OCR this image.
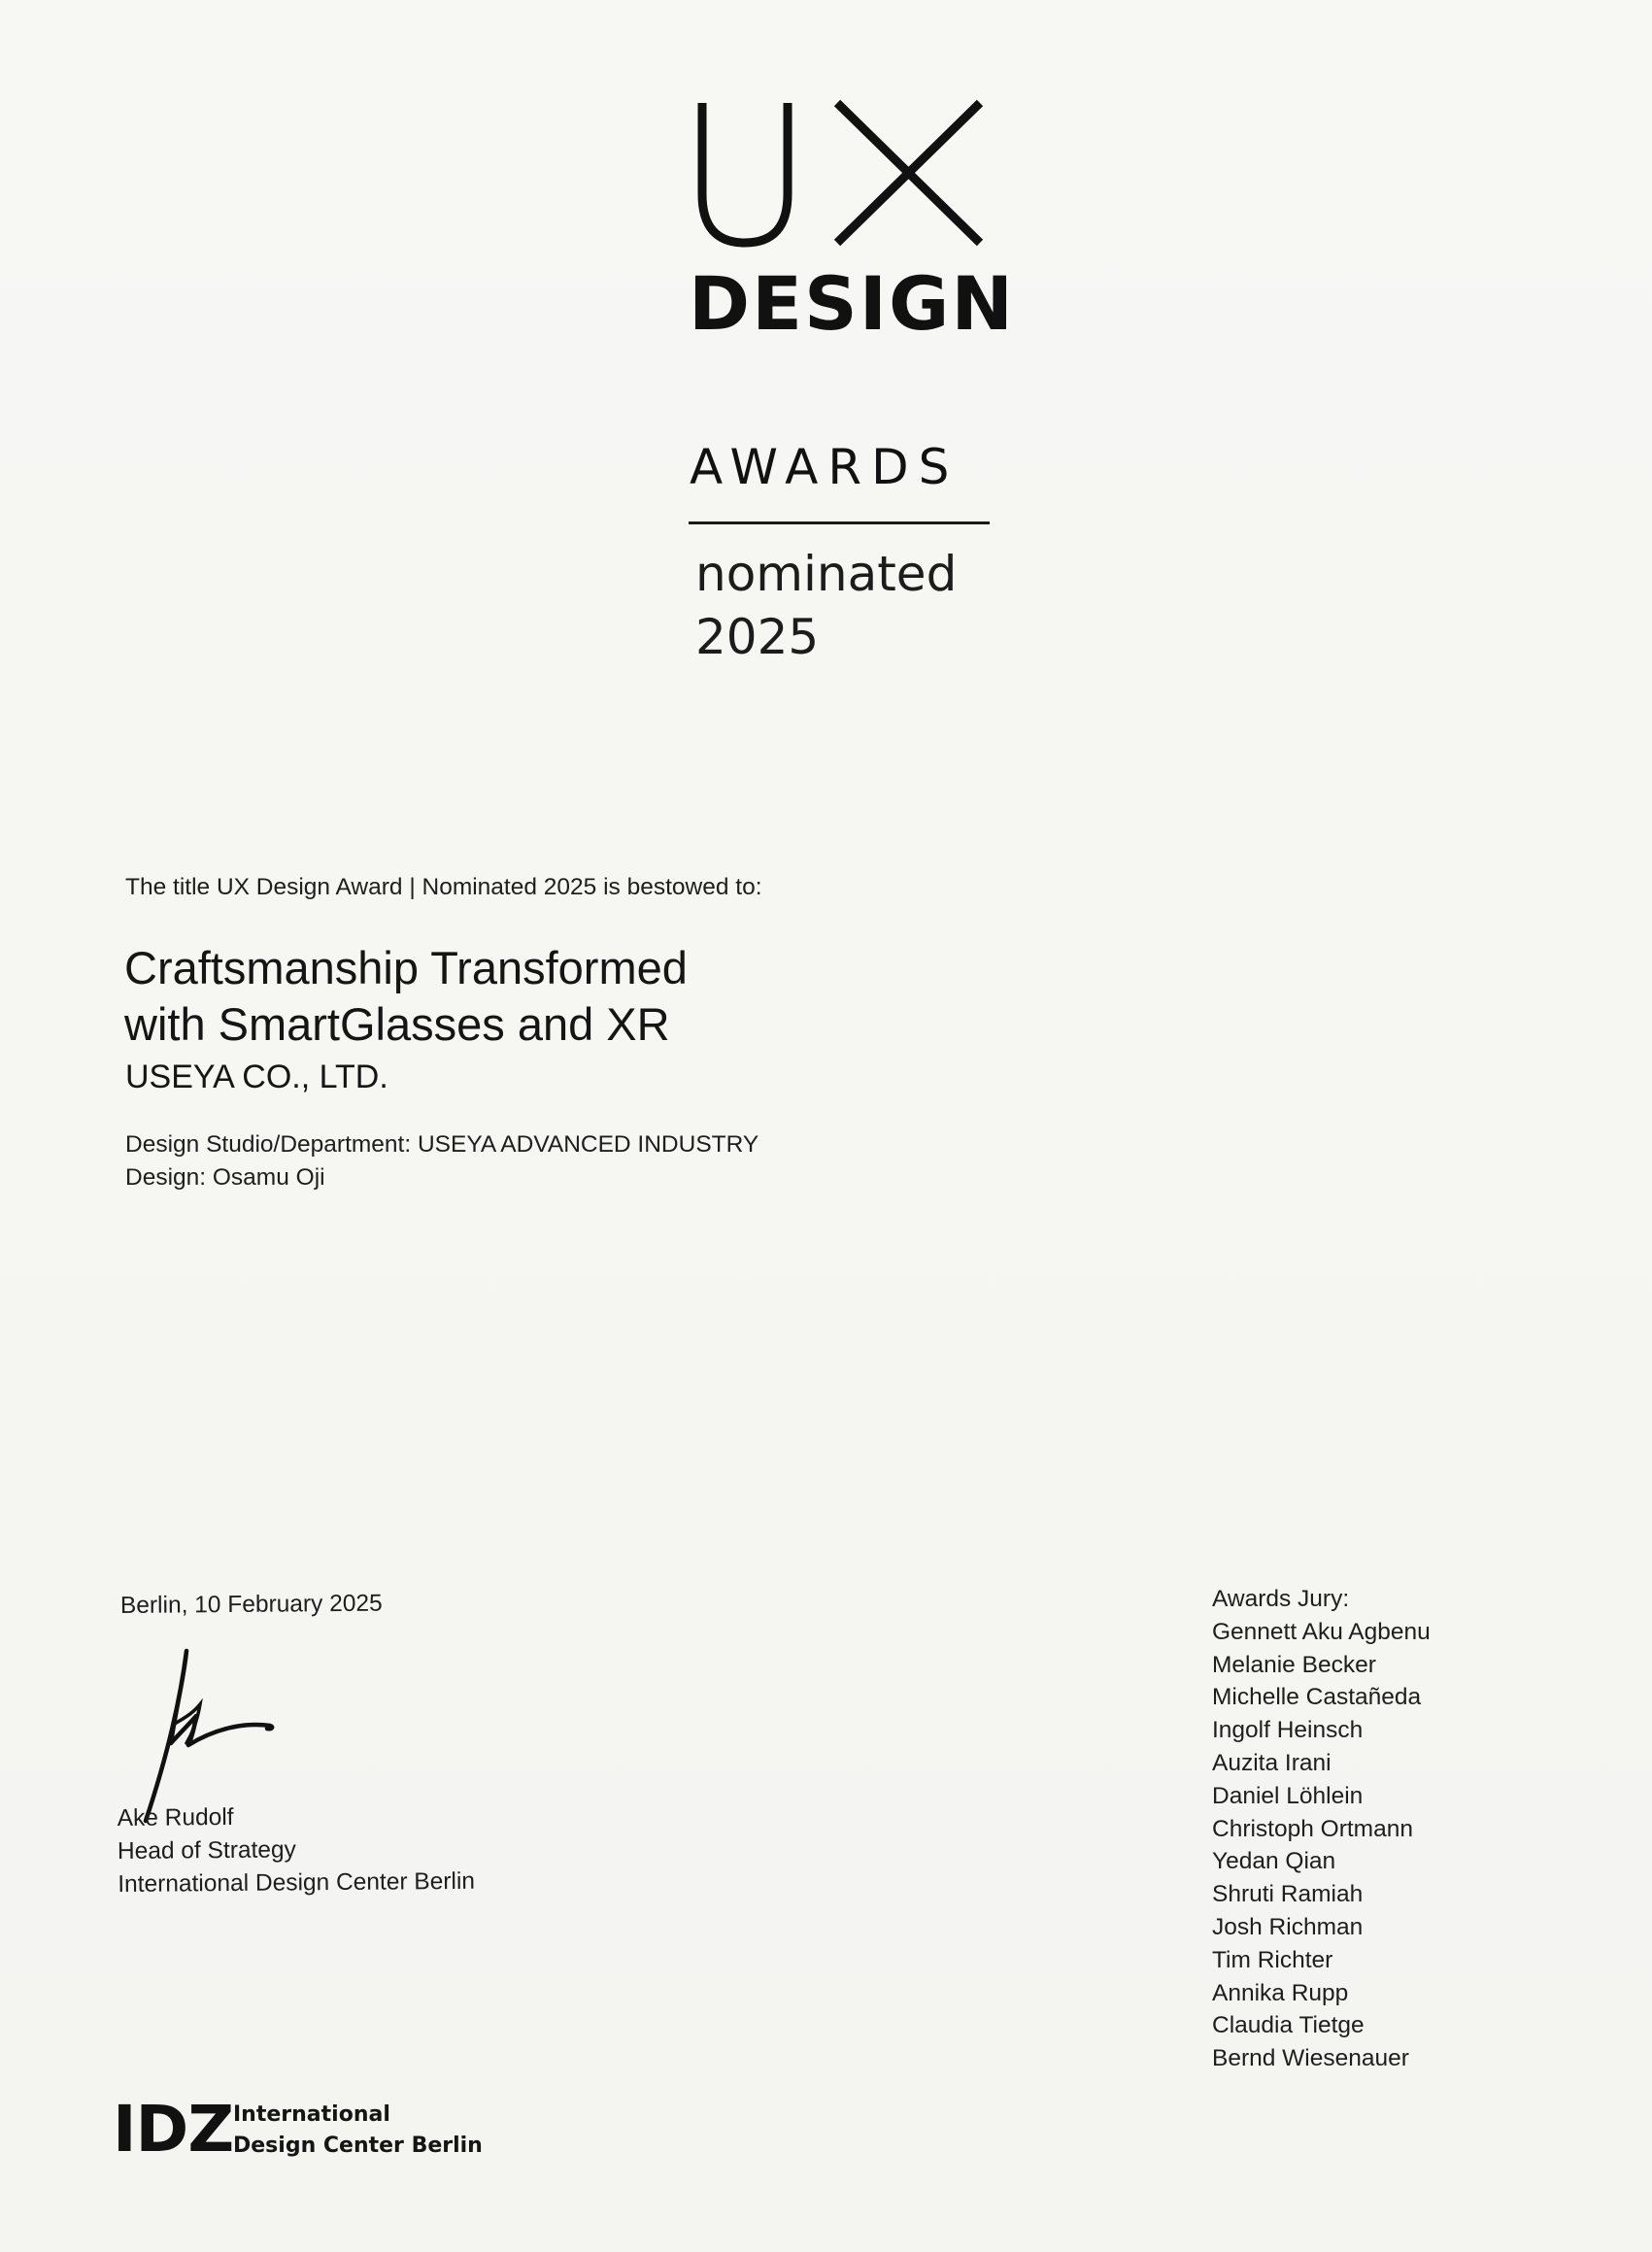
DESIGN
AWARDS
nominated
2025
The title UX Design Award | Nominated 2025 is bestowed to:
Craftsmanship Transformed
with SmartGlasses and XR
USEYA CO., LTD.
Design Studio/Department: USEYA ADVANCED INDUSTRY
Design: Osamu Oji
Berlin, 10 February 2025
Ake Rudolf
Head of Strategy
International Design Center Berlin
Awards Jury:
Gennett Aku Agbenu
Melanie Becker
Michelle Castañeda
Ingolf Heinsch
Auzita Irani
Daniel Löhlein
Christoph Ortmann
Yedan Qian
Shruti Ramiah
Josh Richman
Tim Richter
Annika Rupp
Claudia Tietge
Bernd Wiesenauer
IDZ International
Design Center Berlin
